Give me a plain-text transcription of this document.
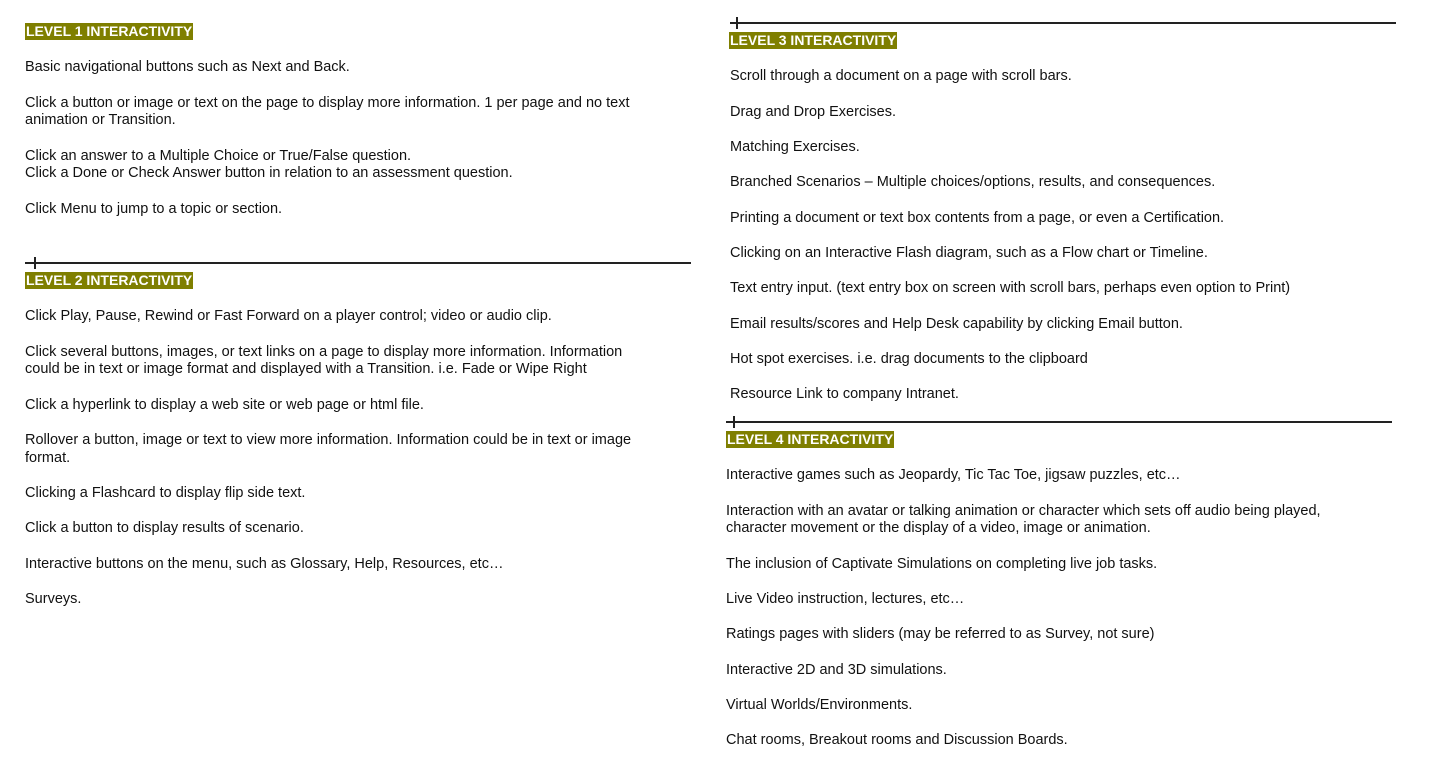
LEVEL 1 INTERACTIVITY
Basic navigational buttons such as Next and Back.
Click a button or image or text on the page to display more information. 1 per page and no text
animation or Transition.
Click an answer to a Multiple Choice or True/False question.
Click a Done or Check Answer button in relation to an assessment question.
Click Menu to jump to a topic or section.
LEVEL 2 INTERACTIVITY
Click Play, Pause, Rewind or Fast Forward on a player control; video or audio clip.
Click several buttons, images, or text links on a page to display more information. Information
could be in text or image format and displayed with a Transition. i.e. Fade or Wipe Right
Click a hyperlink to display a web site or web page or html file.
Rollover a button, image or text to view more information. Information could be in text or image
format.
Clicking a Flashcard to display flip side text.
Click a button to display results of scenario.
Interactive buttons on the menu, such as Glossary, Help, Resources, etc…
Surveys.
LEVEL 3 INTERACTIVITY
Scroll through a document on a page with scroll bars.
Drag and Drop Exercises.
Matching Exercises.
Branched Scenarios – Multiple choices/options, results, and consequences.
Printing a document or text box contents from a page, or even a Certification.
Clicking on an Interactive Flash diagram, such as a Flow chart or Timeline.
Text entry input. (text entry box on screen with scroll bars, perhaps even option to Print)
Email results/scores and Help Desk capability by clicking Email button.
Hot spot exercises. i.e. drag documents to the clipboard
Resource Link to company Intranet.
LEVEL 4 INTERACTIVITY
Interactive games such as Jeopardy, Tic Tac Toe, jigsaw puzzles, etc…
Interaction with an avatar or talking animation or character which sets off audio being played,
character movement or the display of a video, image or animation.
The inclusion of Captivate Simulations on completing live job tasks.
Live Video instruction, lectures, etc…
Ratings pages with sliders (may be referred to as Survey, not sure)
Interactive 2D and 3D simulations.
Virtual Worlds/Environments.
Chat rooms, Breakout rooms and Discussion Boards.
